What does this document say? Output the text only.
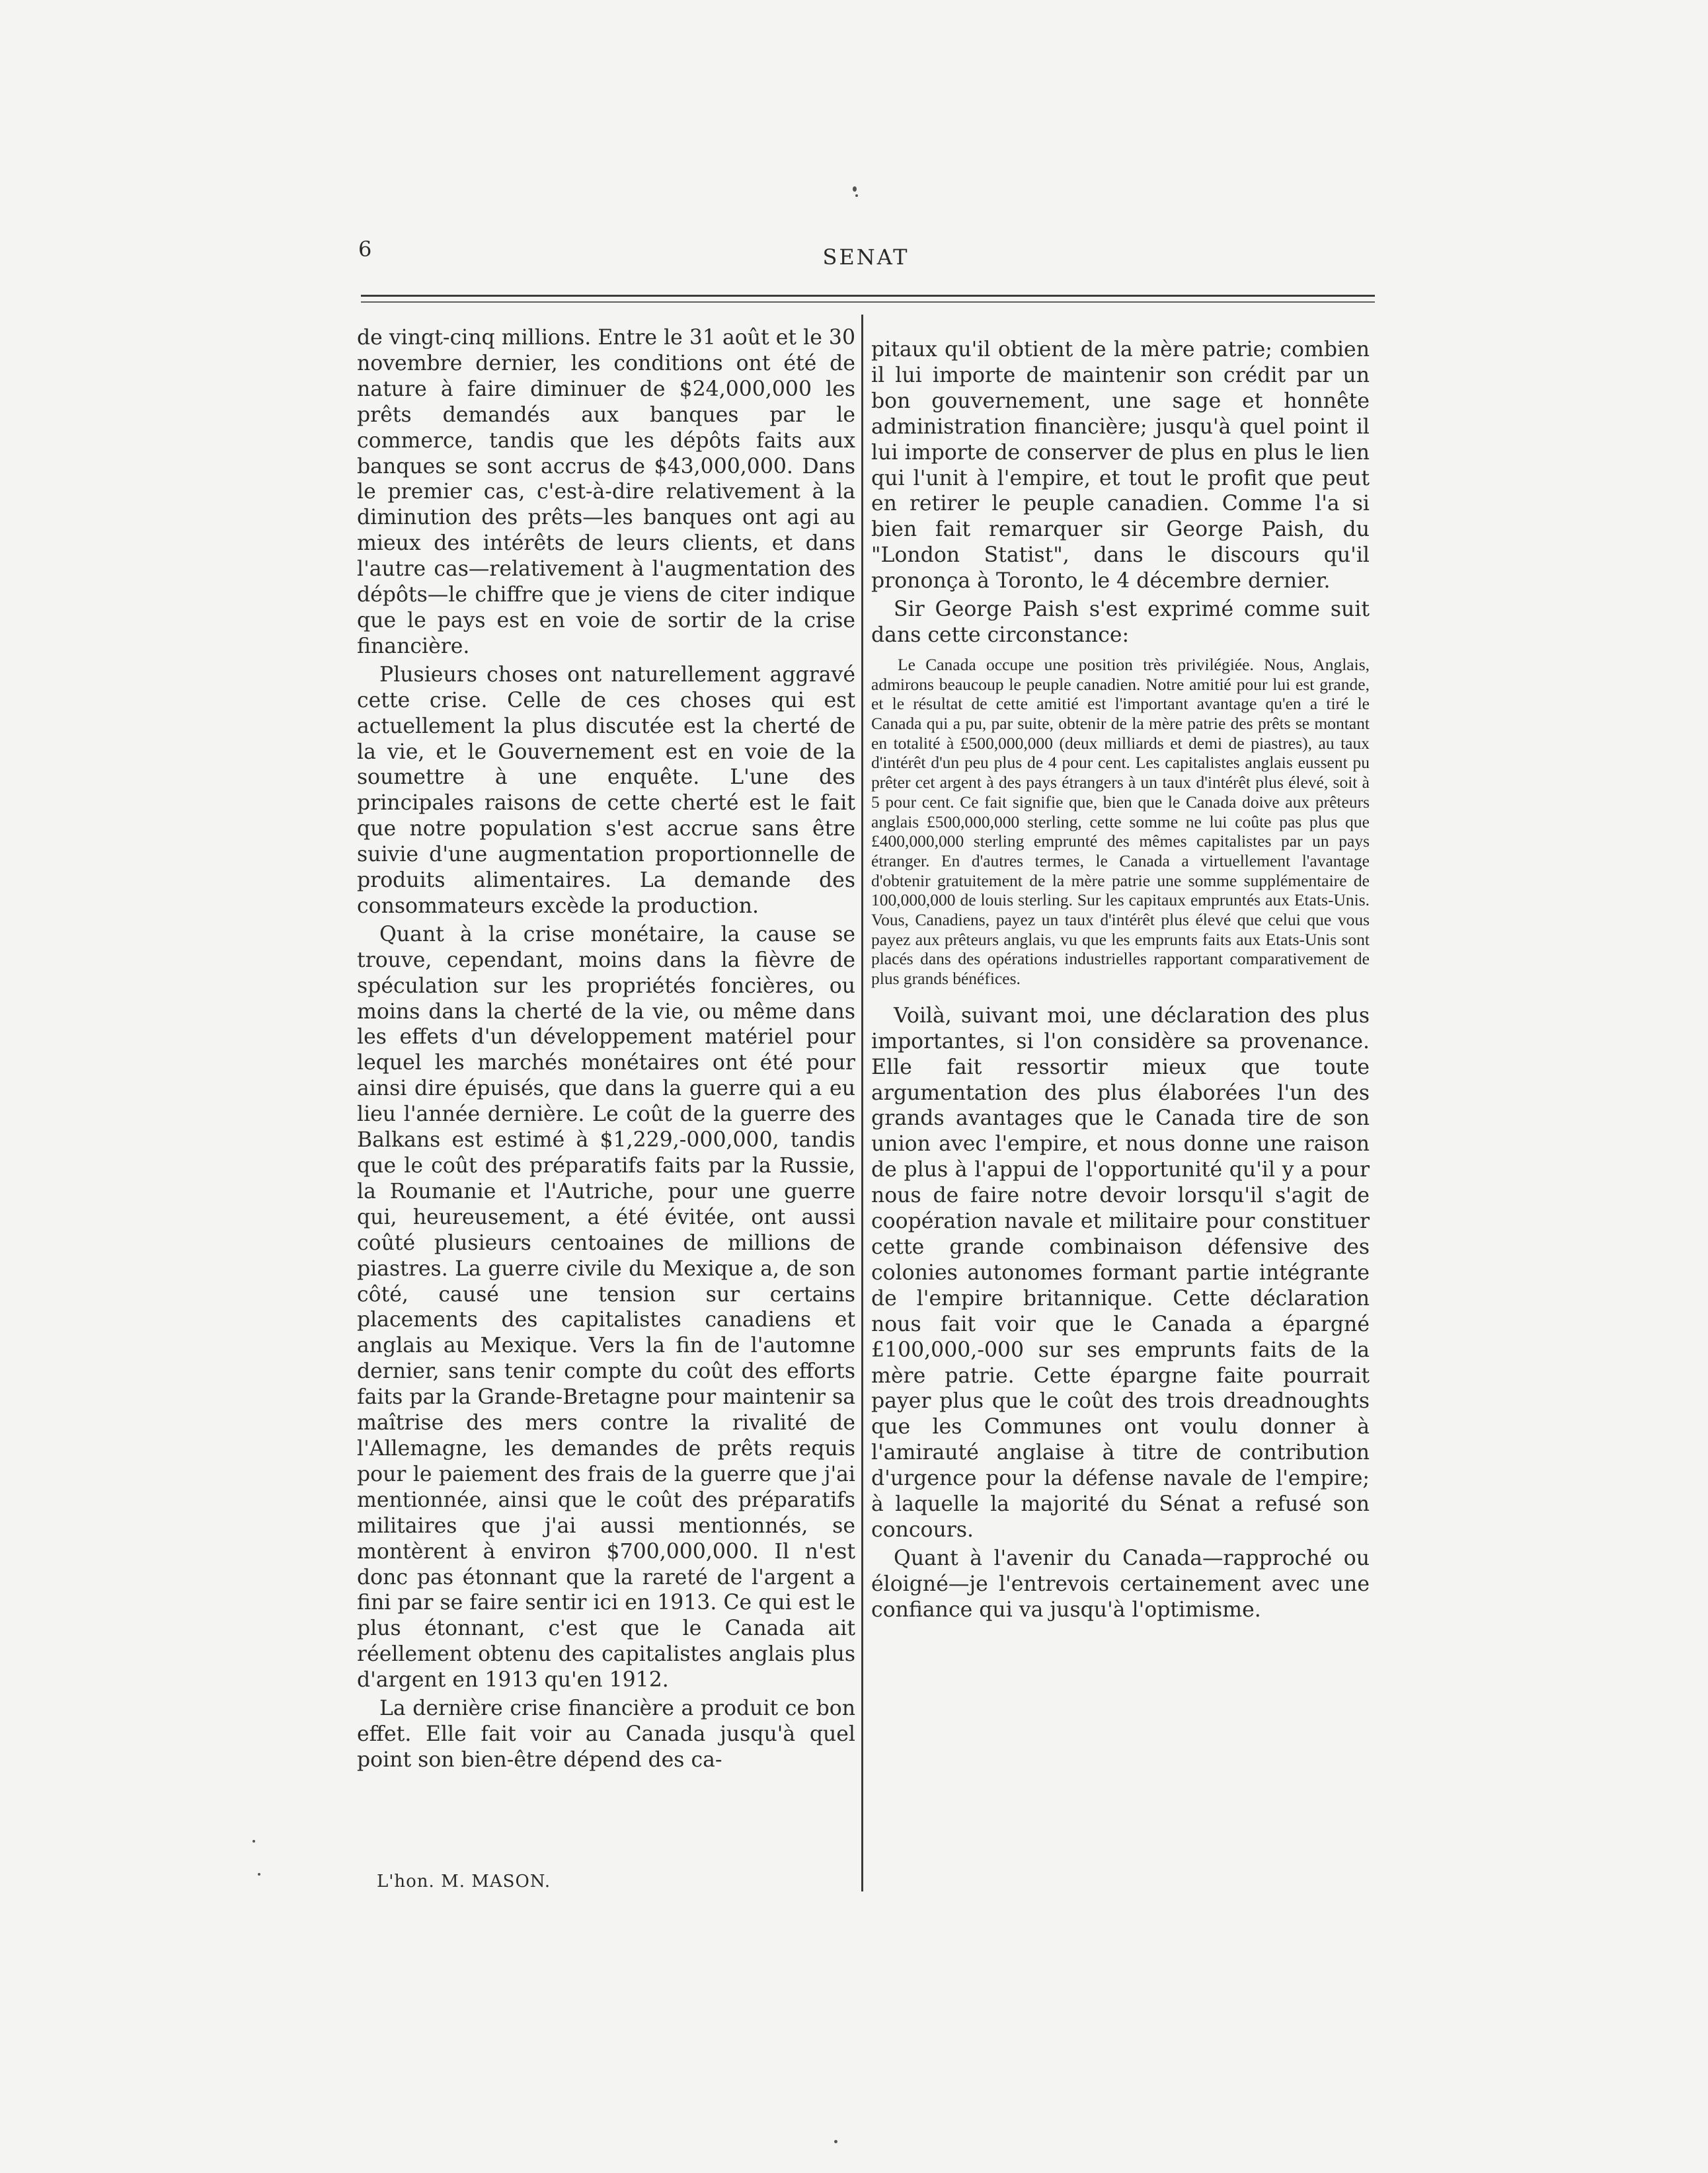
6	SENAT

de vingt-cinq millions. Entre le 31 août et le 30 novembre dernier, les conditions ont été de nature à faire diminuer de $24,000,000 les prêts demandés aux banques par le commerce, tandis que les dépôts faits aux banques se sont accrus de $43,000,000. Dans le premier cas, c'est-à-dire relativement à la diminution des prêts—les banques ont agi au mieux des intérêts de leurs clients, et dans l'autre cas—relativement à l'augmentation des dépôts—le chiffre que je viens de citer indique que le pays est en voie de sortir de la crise financière.

Plusieurs choses ont naturellement aggravé cette crise. Celle de ces choses qui est actuellement la plus discutée est la cherté de la vie, et le Gouvernement est en voie de la soumettre à une enquête. L'une des principales raisons de cette cherté est le fait que notre population s'est accrue sans être suivie d'une augmentation proportionnelle de produits alimentaires. La demande des consommateurs excède la production.

Quant à la crise monétaire, la cause se trouve, cependant, moins dans la fièvre de spéculation sur les propriétés foncières, ou moins dans la cherté de la vie, ou même dans les effets d'un développement matériel pour lequel les marchés monétaires ont été pour ainsi dire épuisés, que dans la guerre qui a eu lieu l'année dernière. Le coût de la guerre des Balkans est estimé à $1,229,-000,000, tandis que le coût des préparatifs faits par la Russie, la Roumanie et l'Autriche, pour une guerre qui, heureusement, a été évitée, ont aussi coûté plusieurs centoaines de millions de piastres. La guerre civile du Mexique a, de son côté, causé une tension sur certains placements des capitalistes canadiens et anglais au Mexique. Vers la fin de l'automne dernier, sans tenir compte du coût des efforts faits par la Grande-Bretagne pour maintenir sa maîtrise des mers contre la rivalité de l'Allemagne, les demandes de prêts requis pour le paiement des frais de la guerre que j'ai mentionnée, ainsi que le coût des préparatifs militaires que j'ai aussi mentionnés, se montèrent à environ $700,000,000. Il n'est donc pas étonnant que la rareté de l'argent a fini par se faire sentir ici en 1913. Ce qui est le plus étonnant, c'est que le Canada ait réellement obtenu des capitalistes anglais plus d'argent en 1913 qu'en 1912.

La dernière crise financière a produit ce bon effet. Elle fait voir au Canada jusqu'à quel point son bien-être dépend des ca-

pitaux qu'il obtient de la mère patrie; combien il lui importe de maintenir son crédit par un bon gouvernement, une sage et honnête administration financière; jusqu'à quel point il lui importe de conserver de plus en plus le lien qui l'unit à l'empire, et tout le profit que peut en retirer le peuple canadien. Comme l'a si bien fait remarquer sir George Paish, du "London Statist", dans le discours qu'il prononça à Toronto, le 4 décembre dernier.

Sir George Paish s'est exprimé comme suit dans cette circonstance:

Le Canada occupe une position très privilégiée. Nous, Anglais, admirons beaucoup le peuple canadien. Notre amitié pour lui est grande, et le résultat de cette amitié est l'important avantage qu'en a tiré le Canada qui a pu, par suite, obtenir de la mère patrie des prêts se montant en totalité à £500,000,000 (deux milliards et demi de piastres), au taux d'intérêt d'un peu plus de 4 pour cent. Les capitalistes anglais eussent pu prêter cet argent à des pays étrangers à un taux d'intérêt plus élevé, soit à 5 pour cent. Ce fait signifie que, bien que le Canada doive aux prêteurs anglais £500,000,000 sterling, cette somme ne lui coûte pas plus que £400,000,000 sterling emprunté des mêmes capitalistes par un pays étranger. En d'autres termes, le Canada a virtuellement l'avantage d'obtenir gratuitement de la mère patrie une somme supplémentaire de 100,000,000 de louis sterling. Sur les capitaux empruntés aux Etats-Unis. Vous, Canadiens, payez un taux d'intérêt plus élevé que celui que vous payez aux prêteurs anglais, vu que les emprunts faits aux Etats-Unis sont placés dans des opérations industrielles rapportant comparativement de plus grands bénéfices.

Voilà, suivant moi, une déclaration des plus importantes, si l'on considère sa provenance. Elle fait ressortir mieux que toute argumentation des plus élaborées l'un des grands avantages que le Canada tire de son union avec l'empire, et nous donne une raison de plus à l'appui de l'opportunité qu'il y a pour nous de faire notre devoir lorsqu'il s'agit de coopération navale et militaire pour constituer cette grande combinaison défensive des colonies autonomes formant partie intégrante de l'empire britannique. Cette déclaration nous fait voir que le Canada a épargné £100,000,-000 sur ses emprunts faits de la mère patrie. Cette épargne faite pourrait payer plus que le coût des trois dreadnoughts que les Communes ont voulu donner à l'amirauté anglaise à titre de contribution d'urgence pour la défense navale de l'empire; à laquelle la majorité du Sénat a refusé son concours.

Quant à l'avenir du Canada—rapproché ou éloigné—je l'entrevois certainement avec une confiance qui va jusqu'à l'optimisme.

L'hon. M. MASON.
